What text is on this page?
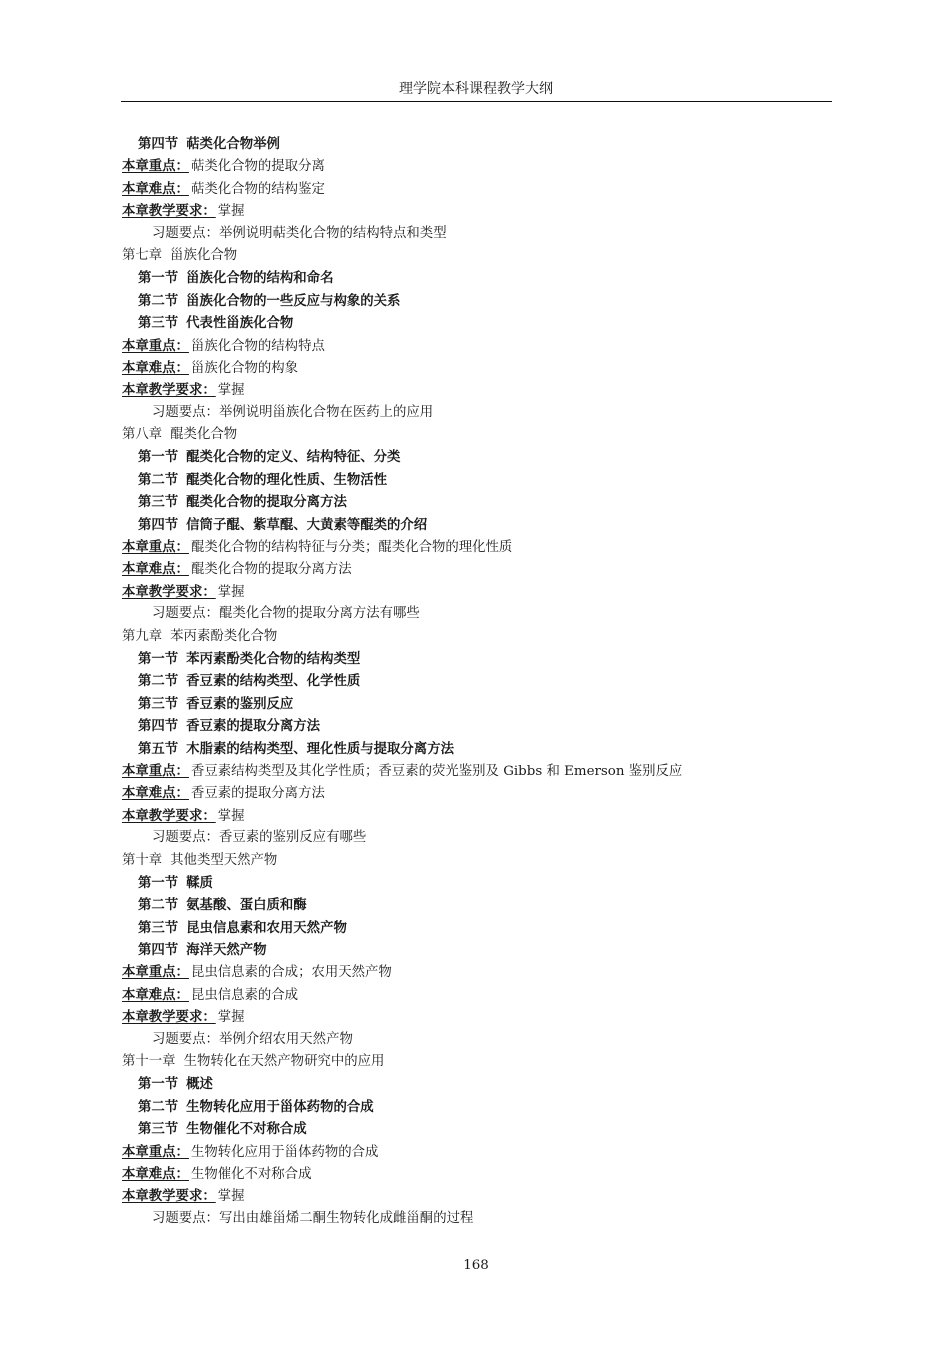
理学院本科课程教学大纲
第四节 萜类化合物举例
本章重点： 萜类化合物的提取分离
本章难点： 萜类化合物的结构鉴定
本章教学要求： 掌握
习题要点：举例说明萜类化合物的结构特点和类型
第七章 甾族化合物
第一节 甾族化合物的结构和命名
第二节 甾族化合物的一些反应与构象的关系
第三节 代表性甾族化合物
本章重点： 甾族化合物的结构特点
本章难点： 甾族化合物的构象
本章教学要求： 掌握
习题要点：举例说明甾族化合物在医药上的应用
第八章 醌类化合物
第一节 醌类化合物的定义、结构特征、分类
第二节 醌类化合物的理化性质、生物活性
第三节 醌类化合物的提取分离方法
第四节 信筒子醌、紫草醌、大黄素等醌类的介绍
本章重点： 醌类化合物的结构特征与分类；醌类化合物的理化性质
本章难点： 醌类化合物的提取分离方法
本章教学要求： 掌握
习题要点：醌类化合物的提取分离方法有哪些
第九章 苯丙素酚类化合物
第一节 苯丙素酚类化合物的结构类型
第二节 香豆素的结构类型、化学性质
第三节 香豆素的鉴别反应
第四节 香豆素的提取分离方法
第五节 木脂素的结构类型、理化性质与提取分离方法
本章重点： 香豆素结构类型及其化学性质；香豆素的荧光鉴别及 Gibbs 和 Emerson 鉴别反应
本章难点： 香豆素的提取分离方法
本章教学要求： 掌握
习题要点：香豆素的鉴别反应有哪些
第十章 其他类型天然产物
第一节 鞣质
第二节 氨基酸、蛋白质和酶
第三节 昆虫信息素和农用天然产物
第四节 海洋天然产物
本章重点： 昆虫信息素的合成；农用天然产物
本章难点： 昆虫信息素的合成
本章教学要求： 掌握
习题要点：举例介绍农用天然产物
第十一章 生物转化在天然产物研究中的应用
第一节 概述
第二节 生物转化应用于甾体药物的合成
第三节 生物催化不对称合成
本章重点： 生物转化应用于甾体药物的合成
本章难点： 生物催化不对称合成
本章教学要求： 掌握
习题要点：写出由雄甾烯二酮生物转化成雌甾酮的过程
168
